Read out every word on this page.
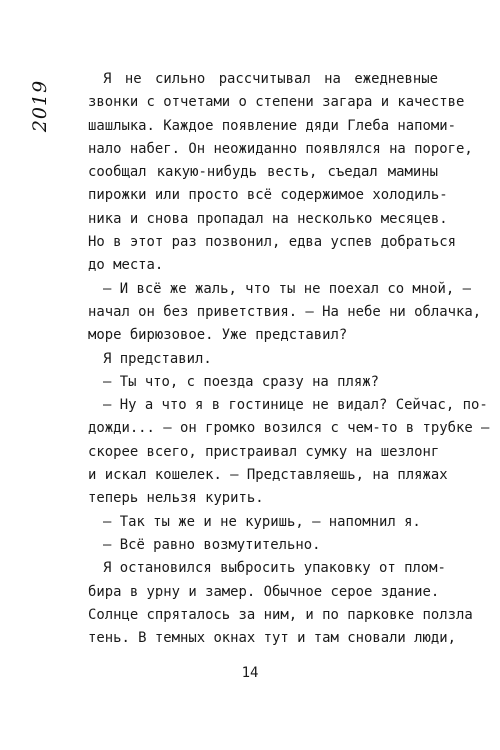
2019
Я не сильно рассчитывал на ежедневные
звонки с отчетами о степени загара и качестве
шашлыка. Каждое появление дяди Глеба напоми-
нало набег. Он неожиданно появлялся на пороге,
сообщал какую-нибудь весть, съедал мамины
пирожки или просто всё содержимое холодиль-
ника и снова пропадал на несколько месяцев.
Но в этот раз позвонил, едва успев добраться
до места.
— И всё же жаль, что ты не поехал со мной, —
начал он без приветствия. — На небе ни облачка,
море бирюзовое. Уже представил?
Я представил.
— Ты что, с поезда сразу на пляж?
— Ну а что я в гостинице не видал? Сейчас, по-
дожди... — он громко возился с чем-то в трубке —
скорее всего, пристраивал сумку на шезлонг
и искал кошелек. — Представляешь, на пляжах
теперь нельзя курить.
— Так ты же и не куришь, — напомнил я.
— Всё равно возмутительно.
Я остановился выбросить упаковку от плом-
бира в урну и замер. Обычное серое здание.
Солнце спряталось за ним, и по парковке ползла
тень. В темных окнах тут и там сновали люди,
14
